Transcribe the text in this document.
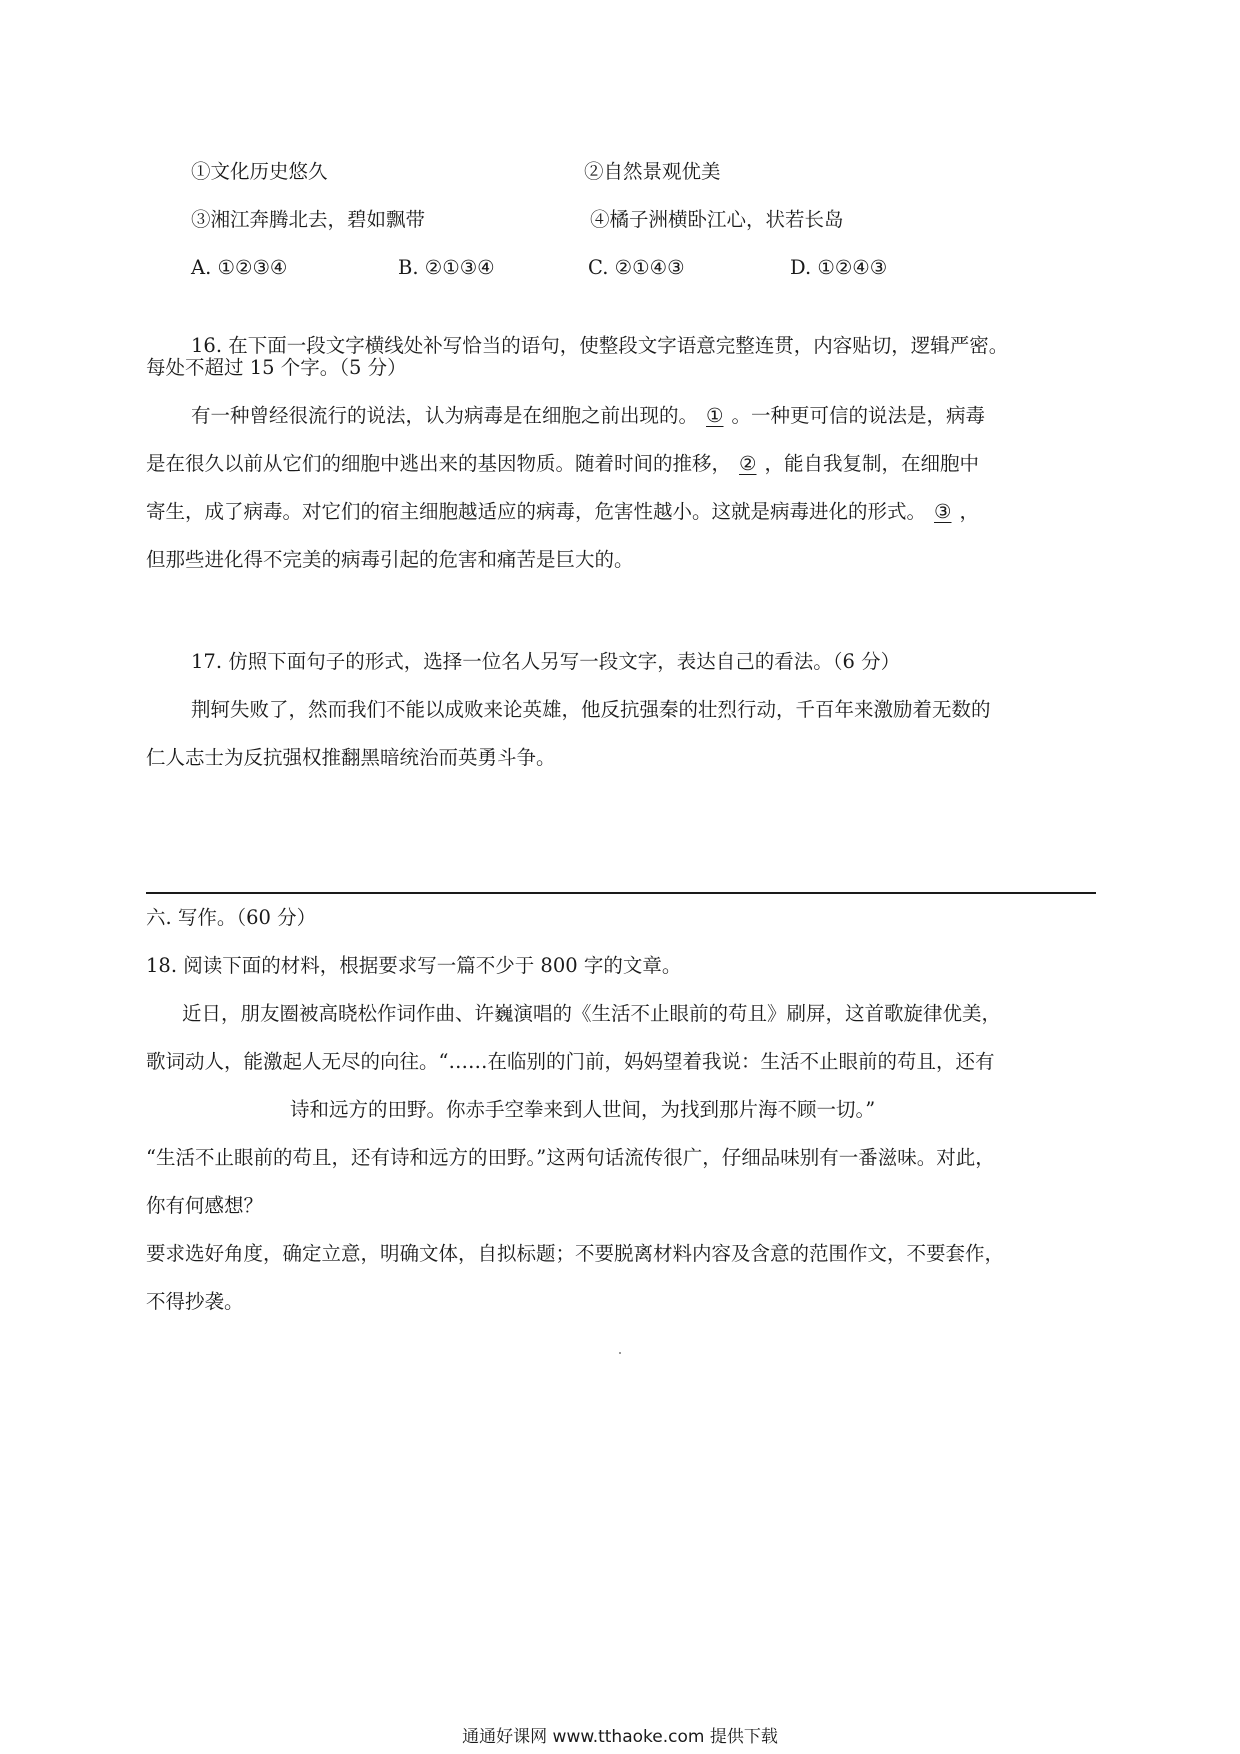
①文化历史悠久	②自然景观优美
③湘江奔腾北去，碧如飘带	④橘子洲横卧江心，状若长岛
A. ①②③④	B. ②①③④	C. ②①④③	D. ①②④③
16. 在下面一段文字横线处补写恰当的语句，使整段文字语意完整连贯，内容贴切，逻辑严密。
每处不超过 15 个字。（5 分）
有一种曾经很流行的说法，认为病毒是在细胞之前出现的。 ① 。一种更可信的说法是，病毒
是在很久以前从它们的细胞中逃出来的基因物质。随着时间的推移， ② ，能自我复制，在细胞中
寄生，成了病毒。对它们的宿主细胞越适应的病毒，危害性越小。这就是病毒进化的形式。 ③ ，
但那些进化得不完美的病毒引起的危害和痛苦是巨大的。
17. 仿照下面句子的形式，选择一位名人另写一段文字，表达自己的看法。（6 分）
荆轲失败了，然而我们不能以成败来论英雄，他反抗强秦的壮烈行动，千百年来激励着无数的
仁人志士为反抗强权推翻黑暗统治而英勇斗争。
六. 写作。（60 分）
18. 阅读下面的材料，根据要求写一篇不少于 800 字的文章。
近日，朋友圈被高晓松作词作曲、许巍演唱的《生活不止眼前的苟且》刷屏，这首歌旋律优美，
歌词动人，能激起人无尽的向往。“……在临别的门前，妈妈望着我说：生活不止眼前的苟且，还有
诗和远方的田野。你赤手空拳来到人世间，为找到那片海不顾一切。”
“生活不止眼前的苟且，还有诗和远方的田野。”这两句话流传很广，仔细品味别有一番滋味。对此，
你有何感想？
要求选好角度，确定立意，明确文体，自拟标题；不要脱离材料内容及含意的范围作文，不要套作，
不得抄袭。
通通好课网 www.tthaoke.com 提供下载
